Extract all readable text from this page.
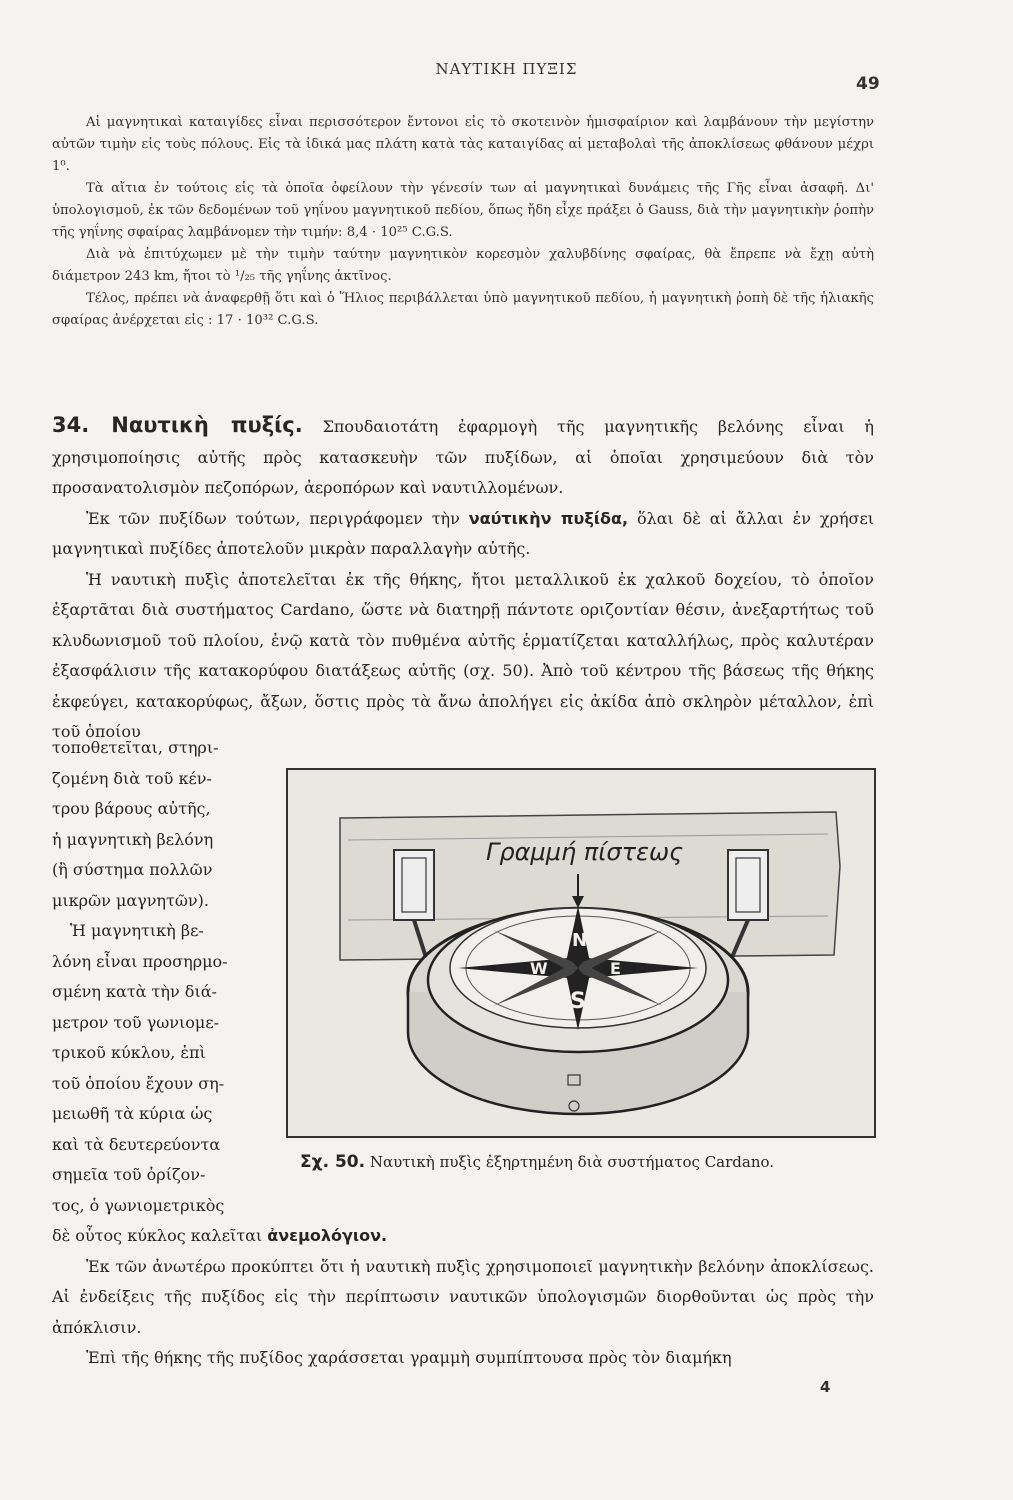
ΝΑΥΤΙΚΗ ΠΥΞΙΣ
49

Αἱ μαγνητικαὶ καταιγίδες εἶναι περισσότερον ἔντονοι εἰς τὸ σκοτεινὸν ἡμισφαίριον καὶ λαμβάνουν τὴν μεγίστην αὐτῶν τιμὴν εἰς τοὺς πόλους. Εἰς τὰ ἰδικά μας πλάτη κατὰ τὰς καταιγίδας αἱ μεταβολαὶ τῆς ἀποκλίσεως φθάνουν μέχρι 1⁰.

Τὰ αἴτια ἐν τούτοις εἰς τὰ ὁποῖα ὀφείλουν τὴν γένεσίν των αἱ μαγνητικαὶ δυνάμεις τῆς Γῆς εἶναι ἀσαφῆ. Δι' ὑπολογισμοῦ, ἐκ τῶν δεδομένων τοῦ γηΐνου μαγνητικοῦ πεδίου, ὅπως ἤδη εἶχε πράξει ὁ Gauss, διὰ τὴν μαγνητικὴν ῥοπὴν τῆς γηΐνης σφαίρας λαμβάνομεν τὴν τιμήν: 8,4 · 10²⁵ C.G.S.

Διὰ νὰ ἐπιτύχωμεν μὲ τὴν τιμὴν ταύτην μαγνητικὸν κορεσμὸν χαλυβδίνης σφαίρας, θὰ ἔπρεπε νὰ ἔχῃ αὐτὴ διάμετρον 243 km, ἤτοι τὸ ¹/₂₅ τῆς γηΐνης ἀκτῖνος.

Τέλος, πρέπει νὰ ἀναφερθῇ ὅτι καὶ ὁ Ἥλιος περιβάλλεται ὑπὸ μαγνητικοῦ πεδίου, ἡ μαγνητικὴ ῥοπὴ δὲ τῆς ἡλιακῆς σφαίρας ἀνέρχεται εἰς : 17 · 10³² C.G.S.

34. Ναυτικὴ πυξίς. Σπουδαιοτάτη ἐφαρμογὴ τῆς μαγνητικῆς βελόνης εἶναι ἡ χρησιμοποίησις αὐτῆς πρὸς κατασκευὴν τῶν πυξίδων, αἱ ὁποῖαι χρησιμεύουν διὰ τὸν προσανατολισμὸν πεζοπόρων, ἀεροπόρων καὶ ναυτιλλομένων.

Ἐκ τῶν πυξίδων τούτων, περιγράφομεν τὴν ναύτικὴν πυξίδα, ὅλαι δὲ αἱ ἄλλαι ἐν χρήσει μαγνητικαὶ πυξίδες ἀποτελοῦν μικρὰν παραλλαγὴν αὐτῆς.

Ἡ ναυτικὴ πυξὶς ἀποτελεῖται ἐκ τῆς θήκης, ἤτοι μεταλλικοῦ ἐκ χαλκοῦ δοχείου, τὸ ὁποῖον ἐξαρτᾶται διὰ συστήματος Cardano, ὥστε νὰ διατηρῇ πάντοτε οριζοντίαν θέσιν, ἀνεξαρτήτως τοῦ κλυδωνισμοῦ τοῦ πλοίου, ἐνῷ κατὰ τὸν πυθμένα αὐτῆς ἑρματίζεται καταλλήλως, πρὸς καλυτέραν ἐξασφάλισιν τῆς κατακορύφου διατάξεως αὐτῆς (σχ. 50). Ἀπὸ τοῦ κέντρου τῆς βάσεως τῆς θήκης ἐκφεύγει, κατακορύφως, ἄξων, ὅστις πρὸς τὰ ἄνω ἀπολήγει εἰς ἀκίδα ἀπὸ σκληρὸν μέταλλον, ἐπὶ τοῦ ὁποίου

τοποθετεῖται, στηρι-

ζομένη διὰ τοῦ κέν-

τρου βάρους αὐτῆς,

ἡ μαγνητικὴ βελόνη

(ἢ σύστημα πολλῶν

μικρῶν μαγνητῶν).

Ἡ μαγνητικὴ βε-

λόνη εἶναι προσηρμο-

σμένη κατὰ τὴν διά-

μετρον τοῦ γωνιομε-

τρικοῦ κύκλου, ἐπὶ

τοῦ ὁποίου ἔχουν ση-

μειωθῆ τὰ κύρια ὡς

καὶ τὰ δευτερεύοντα

σημεῖα τοῦ ὁρίζον-

τος, ὁ γωνιομετρικὸς

N
E
S
W
Γραμμή πίστεως
Σχ. 50. Ναυτικὴ πυξὶς ἐξηρτημένη διὰ συστήματος Cardano.

δὲ οὗτος κύκλος καλεῖται ἀνεμολόγιον.

Ἐκ τῶν ἀνωτέρω προκύπτει ὅτι ἡ ναυτικὴ πυξὶς χρησιμοποιεῖ μαγνητικὴν βελόνην ἀποκλίσεως. Αἱ ἐνδείξεις τῆς πυξίδος εἰς τὴν περίπτωσιν ναυτικῶν ὑπολογισμῶν διορθοῦνται ὡς πρὸς τὴν ἀπόκλισιν.

Ἐπὶ τῆς θήκης τῆς πυξίδος χαράσσεται γραμμὴ συμπίπτουσα πρὸς τὸν διαμήκη

4
